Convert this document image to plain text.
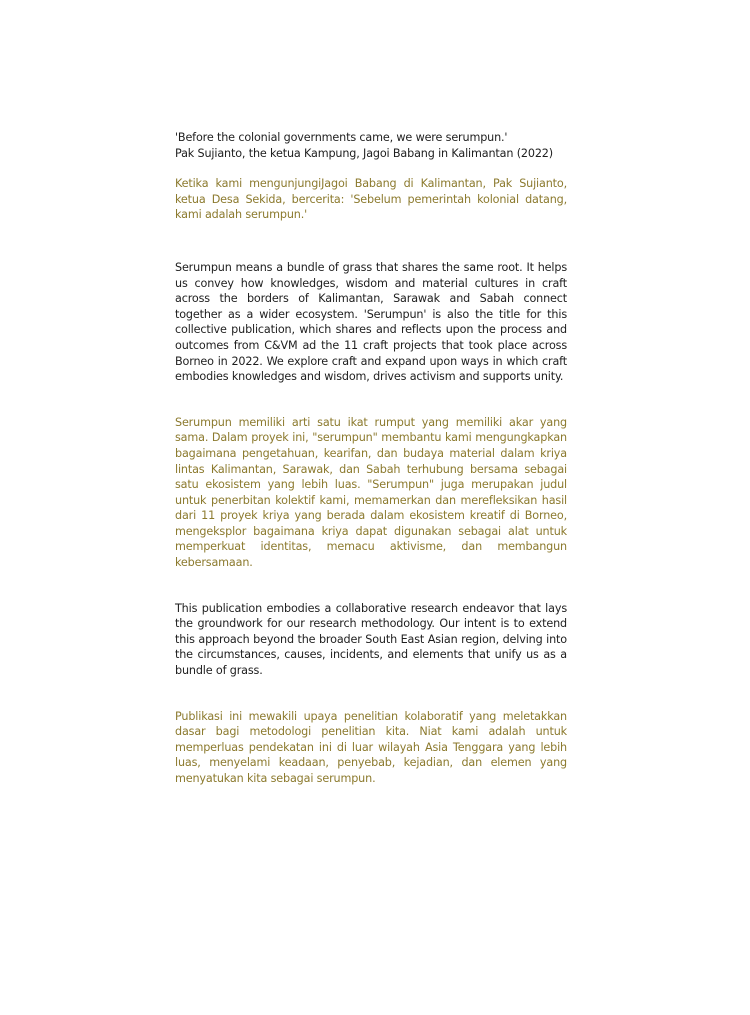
'Before the colonial governments came, we were serumpun.'

Pak Sujianto, the ketua Kampung, Jagoi Babang in Kalimantan (2022)

Ketika kami mengunjungiJagoi Babang di Kalimantan, Pak Sujianto, ketua Desa Sekida, bercerita: 'Sebelum pemerintah kolonial datang, kami adalah serumpun.'

Serumpun means a bundle of grass that shares the same root. It helps us convey how knowledges, wisdom and material cultures in craft across the borders of Kalimantan, Sarawak and Sabah connect together as a wider ecosystem. 'Serumpun' is also the title for this collective publication, which shares and reflects upon the process and outcomes from C&VM ad the 11 craft projects that took place across Borneo in 2022. We explore craft and expand upon ways in which craft embodies knowledges and wisdom, drives activism and supports unity.

Serumpun memiliki arti satu ikat rumput yang memiliki akar yang sama. Dalam proyek ini, "serumpun" membantu kami mengungkapkan bagaimana pengetahuan, kearifan, dan budaya material dalam kriya lintas Kalimantan, Sarawak, dan Sabah terhubung bersama sebagai satu ekosistem yang lebih luas. "Serumpun" juga merupakan judul untuk penerbitan kolektif kami, memamerkan dan merefleksikan hasil dari 11 proyek kriya yang berada dalam ekosistem kreatif di Borneo, mengeksplor bagaimana kriya dapat digunakan sebagai alat untuk memperkuat identitas, memacu aktivisme, dan membangun kebersamaan.

This publication embodies a collaborative research endeavor that lays the groundwork for our research methodology. Our intent is to extend this approach beyond the broader South East Asian region, delving into the circumstances, causes, incidents, and elements that unify us as a bundle of grass.

Publikasi ini mewakili upaya penelitian kolaboratif yang meletakkan dasar bagi metodologi penelitian kita. Niat kami adalah untuk memperluas pendekatan ini di luar wilayah Asia Tenggara yang lebih luas, menyelami keadaan, penyebab, kejadian, dan elemen yang menyatukan kita sebagai serumpun.
